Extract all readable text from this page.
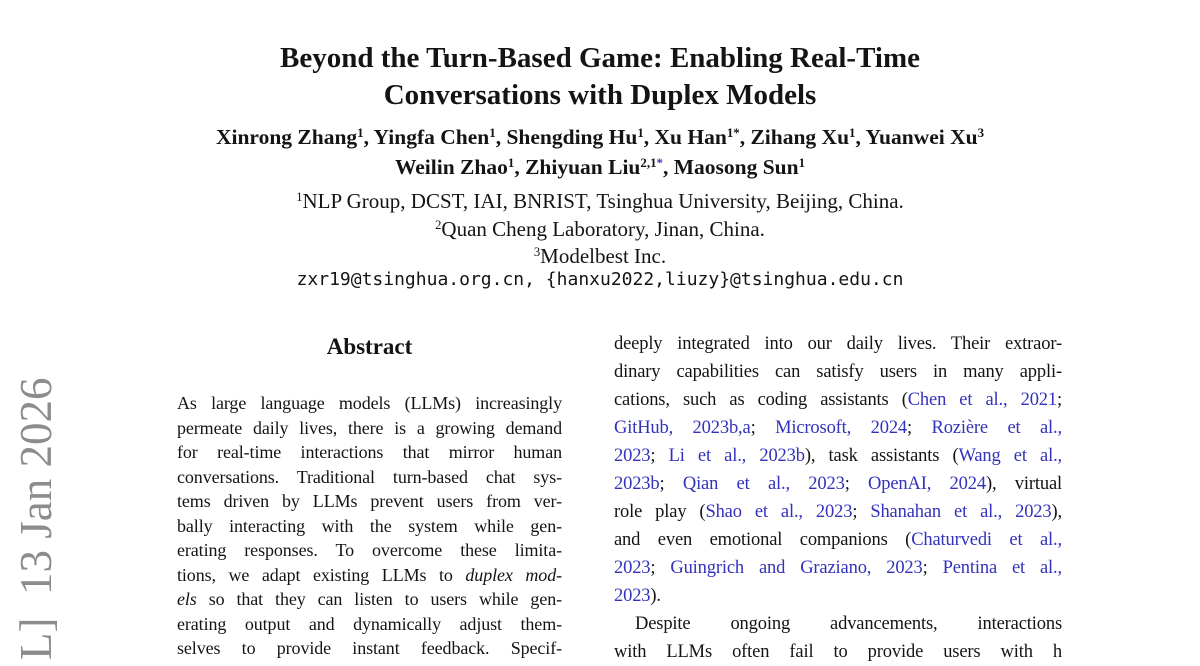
L]  13 Jan 2026
Beyond the Turn-Based Game: Enabling Real-Time
Conversations with Duplex Models
Xinrong Zhang$^1$, Yingfa Chen$^1$, Shengding Hu$^1$, Xu Han$^{1*}$, Zihang Xu$^1$, Yuanwei Xu$^3$
Weilin Zhao$^1$, Zhiyuan Liu$^{2,1*}$, Maosong Sun$^1$
$^1$NLP Group, DCST, IAI, BNRIST, Tsinghua University, Beijing, China.
$^2$Quan Cheng Laboratory, Jinan, China.
$^3$Modelbest Inc.
zxr19@tsinghua.org.cn, {hanxu2022,liuzy}@tsinghua.edu.cn
Abstract
As large language models (LLMs) increasingly
permeate daily lives, there is a growing demand
for real-time interactions that mirror human
conversations. Traditional turn-based chat sys-
tems driven by LLMs prevent users from ver-
bally interacting with the system while gen-
erating responses. To overcome these limita-
tions, we adapt existing LLMs to duplex mod-
els so that they can listen to users while gen-
erating output and dynamically adjust them-
selves to provide instant feedback. Specif-
deeply integrated into our daily lives. Their extraor-
dinary capabilities can satisfy users in many appli-
cations, such as coding assistants (Chen et al., 2021;
GitHub, 2023b,a; Microsoft, 2024; Rozière et al.,
2023; Li et al., 2023b), task assistants (Wang et al.,
2023b; Qian et al., 2023; OpenAI, 2024), virtual
role play (Shao et al., 2023; Shanahan et al., 2023),
and even emotional companions (Chaturvedi et al.,
2023; Guingrich and Graziano, 2023; Pentina et al.,
2023).
Despite ongoing advancements, interactions
with LLMs often fail to provide users with h
